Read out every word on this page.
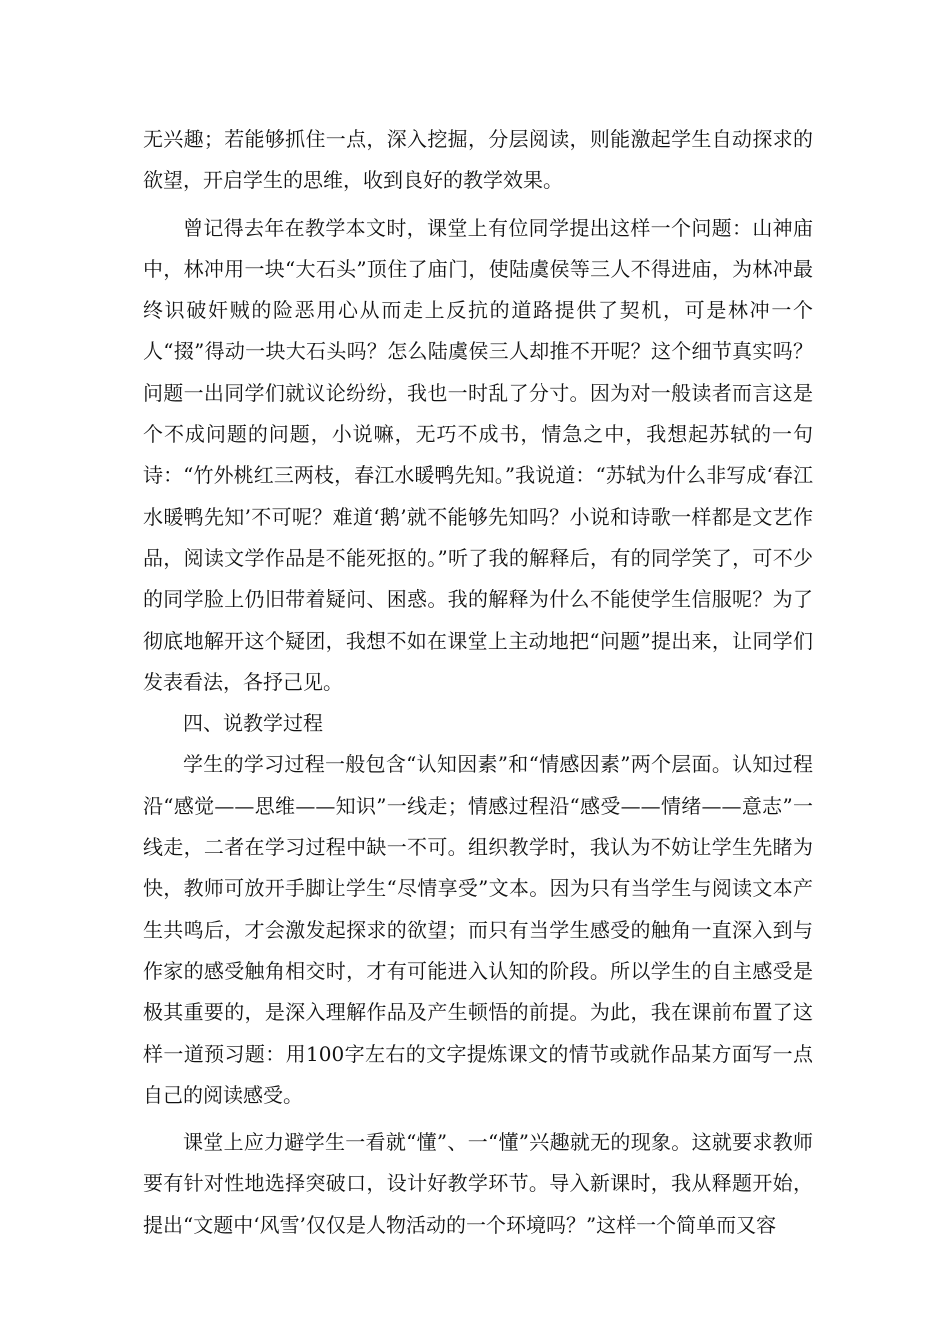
无兴趣；若能够抓住一点，深入挖掘，分层阅读，则能激起学生自动探求的欲望，开启学生的思维，收到良好的教学效果。

曾记得去年在教学本文时，课堂上有位同学提出这样一个问题：山神庙中，林冲用一块“大石头”顶住了庙门，使陆虞侯等三人不得进庙，为林冲最终识破奸贼的险恶用心从而走上反抗的道路提供了契机，可是林冲一个人“掇”得动一块大石头吗？怎么陆虞侯三人却推不开呢？这个细节真实吗？问题一出同学们就议论纷纷，我也一时乱了分寸。因为对一般读者而言这是个不成问题的问题，小说嘛，无巧不成书，情急之中，我想起苏轼的一句诗：“竹外桃红三两枝，春江水暖鸭先知。”我说道：“苏轼为什么非写成‘春江水暖鸭先知’不可呢？难道‘鹅’就不能够先知吗？小说和诗歌一样都是文艺作品，阅读文学作品是不能死抠的。”听了我的解释后，有的同学笑了，可不少的同学脸上仍旧带着疑问、困惑。我的解释为什么不能使学生信服呢？为了彻底地解开这个疑团，我想不如在课堂上主动地把“问题”提出来，让同学们发表看法，各抒己见。

四、说教学过程

学生的学习过程一般包含“认知因素”和“情感因素”两个层面。认知过程沿“感觉——思维——知识”一线走；情感过程沿“感受——情绪——意志”一线走，二者在学习过程中缺一不可。组织教学时，我认为不妨让学生先睹为快，教师可放开手脚让学生“尽情享受”文本。因为只有当学生与阅读文本产生共鸣后，才会激发起探求的欲望；而只有当学生感受的触角一直深入到与作家的感受触角相交时，才有可能进入认知的阶段。所以学生的自主感受是极其重要的，是深入理解作品及产生顿悟的前提。为此，我在课前布置了这样一道预习题：用100字左右的文字提炼课文的情节或就作品某方面写一点自己的阅读感受。

课堂上应力避学生一看就“懂”、一“懂”兴趣就无的现象。这就要求教师要有针对性地选择突破口，设计好教学环节。导入新课时，我从释题开始，提出“文题中‘风雪’仅仅是人物活动的一个环境吗？”这样一个简单而又容
